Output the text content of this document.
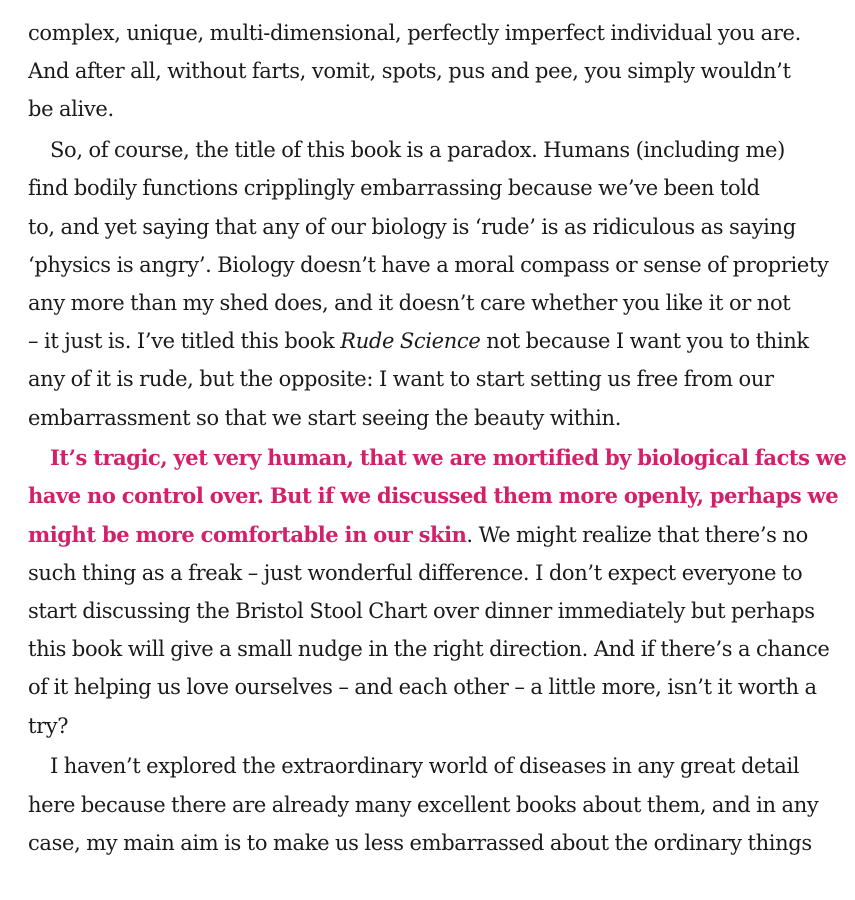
complex, unique, multi-dimensional, perfectly imperfect individual you are.
And after all, without farts, vomit, spots, pus and pee, you simply wouldn’t
be alive.
So, of course, the title of this book is a paradox. Humans (including me)
find bodily functions cripplingly embarrassing because we’ve been told
to, and yet saying that any of our biology is ‘rude’ is as ridiculous as saying
‘physics is angry’. Biology doesn’t have a moral compass or sense of propriety
any more than my shed does, and it doesn’t care whether you like it or not
– it just is. I’ve titled this book Rude Science not because I want you to think
any of it is rude, but the opposite: I want to start setting us free from our
embarrassment so that we start seeing the beauty within.
It’s tragic, yet very human, that we are mortified by biological facts we
have no control over. But if we discussed them more openly, perhaps we
might be more comfortable in our skin. We might realize that there’s no
such thing as a freak – just wonderful difference. I don’t expect everyone to
start discussing the Bristol Stool Chart over dinner immediately but perhaps
this book will give a small nudge in the right direction. And if there’s a chance
of it helping us love ourselves – and each other – a little more, isn’t it worth a
try?
I haven’t explored the extraordinary world of diseases in any great detail
here because there are already many excellent books about them, and in any
case, my main aim is to make us less embarrassed about the ordinary things
